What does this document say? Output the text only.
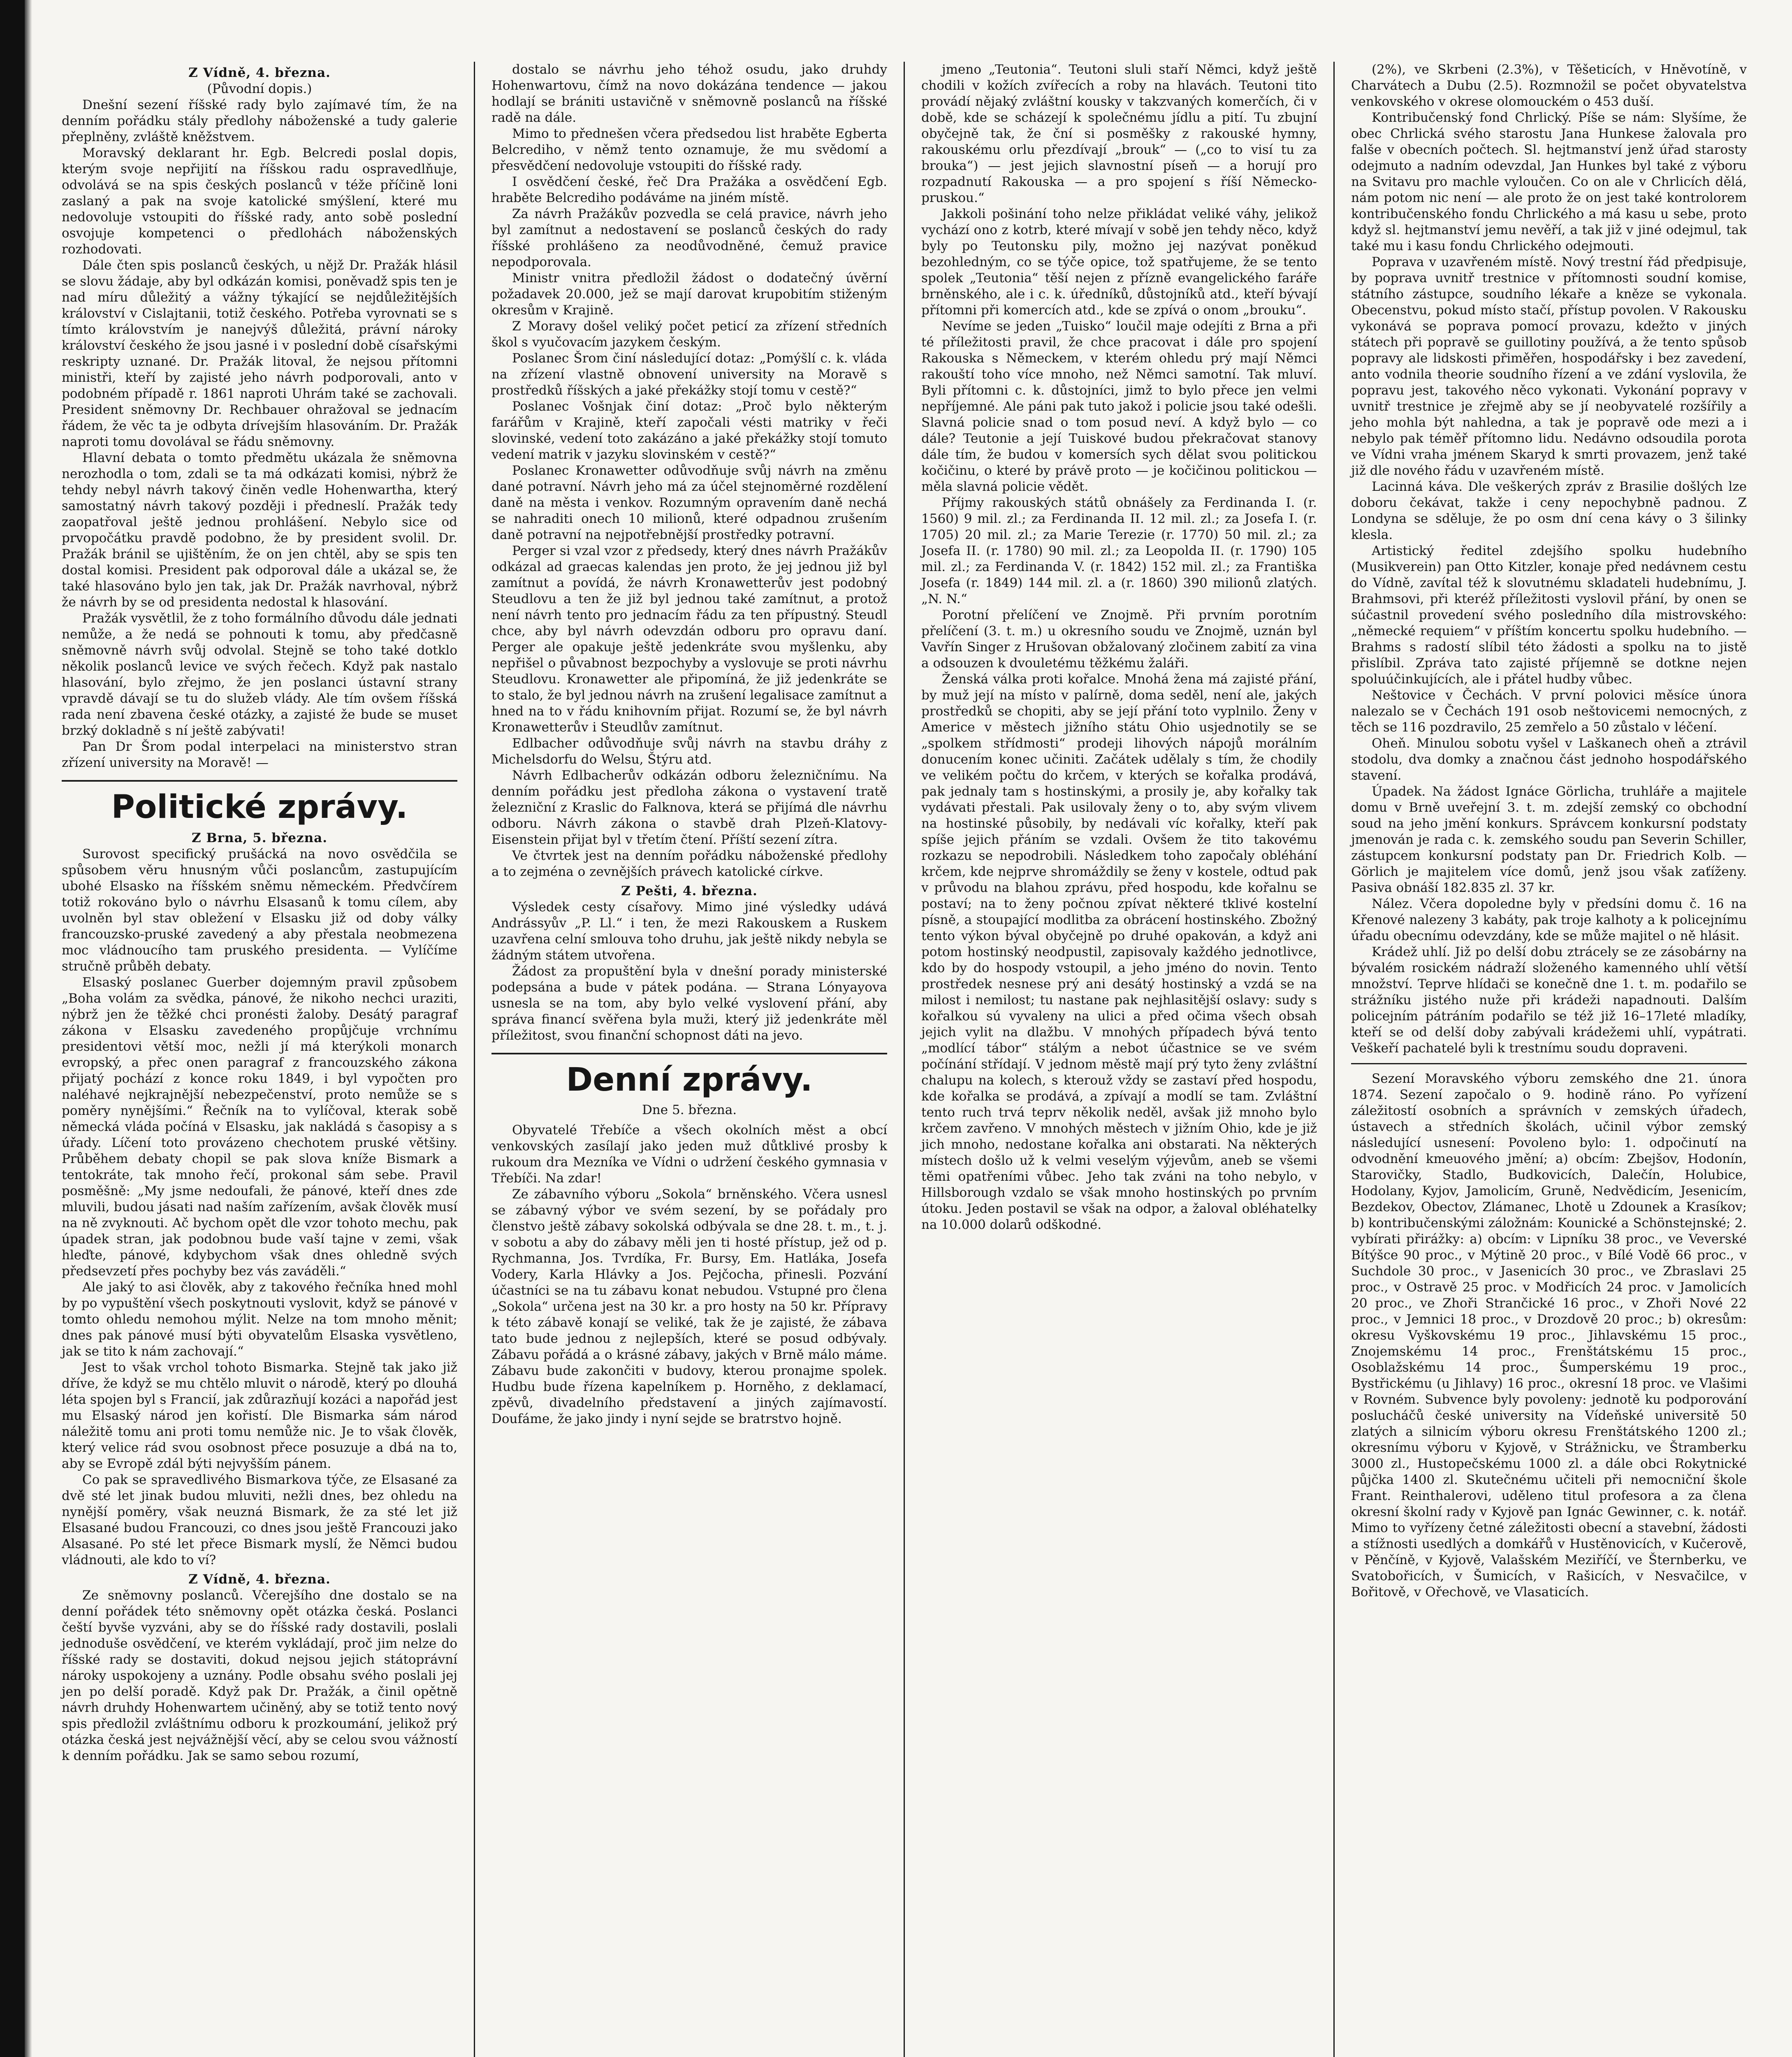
Z Vídně, 4. března.

(Původní dopis.)

Dnešní sezení říšské rady bylo zajímavé tím, že na denním pořádku stály předlohy náboženské a tudy galerie přeplněny, zvláště kněžstvem.

Moravský deklarant hr. Egb. Belcredi poslal dopis, kterým svoje nepřijití na říšskou radu ospravedlňuje, odvolává se na spis českých poslanců v téže příčině loni zaslaný a pak na svoje katolické smýšlení, které mu nedovoluje vstoupiti do říšské rady, anto sobě poslední osvojuje kompetenci o předlohách náboženských rozhodovati.

Dále čten spis poslanců českých, u nějž Dr. Pražák hlásil se slovu žádaje, aby byl odkázán komisi, poněvadž spis ten je nad míru důležitý a vážny týkající se nejdůležitějších království v Cislajtanii, totiž českého. Potřeba vyrovnati se s tímto královstvím je nanejvýš důležitá, právní nároky království českého že jsou jasné i v poslední době císařskými reskripty uznané. Dr. Pražák litoval, že nejsou přítomni ministři, kteří by zajisté jeho návrh podporovali, anto v podobném případě r. 1861 naproti Uhrám také se zachovali. President sněmovny Dr. Rechbauer ohražoval se jednacím řádem, že věc ta je odbyta drívejším hlasováním. Dr. Pražák naproti tomu dovolával se řádu sněmovny.

Hlavní debata o tomto předmětu ukázala že sněmovna nerozhodla o tom, zdali se ta má odkázati komisi, nýbrž že tehdy nebyl návrh takový činěn vedle Hohenwartha, který samostatný návrh takový později i předneslí. Pražák tedy zaopatřoval ještě jednou prohlášení. Nebylo sice od prvopočátku pravdě podobno, že by president svolil. Dr. Pražák bránil se ujištěním, že on jen chtěl, aby se spis ten dostal komisi. President pak odporoval dále a ukázal se, že také hlasováno bylo jen tak, jak Dr. Pražák navrhoval, nýbrž že návrh by se od presidenta nedostal k hlasování.

Pražák vysvětlil, že z toho formálního důvodu dále jednati nemůže, a že nedá se pohnouti k tomu, aby předčasně sněmovně návrh svůj odvolal. Stejně se toho také dotklo několik poslanců levice ve svých řečech. Když pak nastalo hlasování, bylo zřejmo, že jen poslanci ústavní strany vpravdě dávají se tu do služeb vlády. Ale tím ovšem říšská rada není zbavena české otázky, a zajisté že bude se muset brzký dokladně s ní ještě zabývati!

Pan Dr Šrom podal interpelaci na ministerstvo stran zřízení university na Moravě! —

Politické zprávy.

Z Brna, 5. března.

Surovost specifický prušácká na novo osvědčila se spůsobem věru hnusným vůči poslancům, zastupujícím ubohé Elsasko na říšském sněmu německém. Předvčírem totiž rokováno bylo o návrhu Elsasanů k tomu cílem, aby uvolněn byl stav obležení v Elsasku již od doby války francouzsko-pruské zavedený a aby přestala neobmezena moc vládnoucího tam pruského presidenta. — Vylíčíme stručně průběh debaty.

Elsaský poslanec Guerber dojemným pravil způsobem „Boha volám za svědka, pánové, že nikoho nechci uraziti, nýbrž jen že těžké chci pronésti žaloby. Desátý paragraf zákona v Elsasku zavedeného propůjčuje vrchnímu presidentovi větší moc, nežli jí má kterýkoli monarch evropský, a přec onen paragraf z francouzského zákona přijatý pochází z konce roku 1849, i byl vypočten pro naléhavé nejkrajnější nebezpečenství, proto nemůže se s poměry nynějšími.“ Řečník na to vylíčoval, kterak sobě německá vláda počíná v Elsasku, jak nakládá s časopisy a s úřady. Líčení toto provázeno chechotem pruské většiny. Průběhem debaty chopil se pak slova kníže Bismark a tentokráte, tak mnoho řečí, prokonal sám sebe. Pravil posměšně: „My jsme nedoufali, že pánové, kteří dnes zde mluvili, budou jásati nad naším zařízením, avšak člověk musí na ně zvyknouti. Ač bychom opět dle vzor tohoto mechu, pak úpadek stran, jak podobnou bude vaší tajne v zemi, však hleďte, pánové, kdybychom však dnes ohledně svých předsevzetí přes pochyby bez vás zaváděli.“

Ale jaký to asi člověk, aby z takového řečníka hned mohl by po vypuštění všech poskytnouti vyslovit, když se pánové v tomto ohledu nemohou mýlit. Nelze na tom mnoho měnit; dnes pak pánové musí býti obyvatelům Elsaska vysvětleno, jak se tito k nám zachovají.“

Jest to však vrchol tohoto Bismarka. Stejně tak jako již dříve, že když se mu chtělo mluvit o národě, který po dlouhá léta spojen byl s Francií, jak zdůrazňují kozáci a napořád jest mu Elsaský národ jen kořistí. Dle Bismarka sám národ náležitě tomu ani proti tomu nemůže nic. Je to však člověk, který velice rád svou osobnost přece posuzuje a dbá na to, aby se Evropě zdál býti nejvyšším pánem.

Co pak se spravedlivého Bismarkova týče, ze Elsasané za dvě sté let jinak budou mluviti, nežli dnes, bez ohledu na nynější poměry, však neuzná Bismark, že za sté let již Elsasané budou Francouzi, co dnes jsou ještě Francouzi jako Alsasané. Po sté let přece Bismark myslí, že Němci budou vládnouti, ale kdo to ví?

Z Vídně, 4. března.

Ze sněmovny poslanců. Včerejšího dne dostalo se na denní pořádek této sněmovny opět otázka česká. Poslanci čeští byvše vyzváni, aby se do říšské rady dostavili, poslali jednoduše osvědčení, ve kterém vykládají, proč jim nelze do říšské rady se dostaviti, dokud nejsou jejich státoprávní nároky uspokojeny a uznány. Podle obsahu svého poslali jej jen po delší poradě. Když pak Dr. Pražák, a činil opětně návrh druhdy Hohenwartem učiněný, aby se totiž tento nový spis předložil zvláštnímu odboru k prozkoumání, jelikož prý otázka česká jest nejvážnější věcí, aby se celou svou vážností k denním pořádku. Jak se samo sebou rozumí,

dostalo se návrhu jeho téhož osudu, jako druhdy Hohenwartovu, čímž na novo dokázána tendence — jakou hodlají se brániti ustavičně v sněmovně poslanců na říšské radě na dále.

Mimo to přednešen včera předsedou list hraběte Egberta Belcrediho, v němž tento oznamuje, že mu svědomí a přesvědčení nedovoluje vstoupiti do říšské rady.

I osvědčení české, řeč Dra Pražáka a osvědčení Egb. hraběte Belcrediho podáváme na jiném místě.

Za návrh Pražákův pozvedla se celá pravice, návrh jeho byl zamítnut a nedostavení se poslanců českých do rady říšské prohlášeno za neodůvodněné, čemuž pravice nepodporovala.

Ministr vnitra předložil žádost o dodatečný úvěrní požadavek 20.000, jež se mají darovat krupobitím stiženým okresům v Krajině.

Z Moravy došel veliký počet peticí za zřízení středních škol s vyučovacím jazykem českým.

Poslanec Šrom činí následující dotaz: „Pomýšlí c. k. vláda na zřízení vlastně obnovení university na Moravě s prostředků říšských a jaké překážky stojí tomu v cestě?“

Poslanec Vošnjak činí dotaz: „Proč bylo některým farářům v Krajině, kteří započali vésti matriky v řeči slovinské, vedení toto zakázáno a jaké překážky stojí tomuto vedení matrik v jazyku slovinském v cestě?“

Poslanec Kronawetter odůvodňuje svůj návrh na změnu dané potravní. Návrh jeho má za účel stejnoměrné rozdělení daně na města i venkov. Rozumným opravením daně nechá se nahraditi onech 10 milionů, které odpadnou zrušením daně potravní na nejpotřebnější prostředky potravní.

Perger si vzal vzor z předsedy, který dnes návrh Pražákův odkázal ad graecas kalendas jen proto, že jej jednou již byl zamítnut a povídá, že návrh Kronawetterův jest podobný Steudlovu a ten že již byl jednou také zamítnut, a protož není návrh tento pro jednacím řádu za ten přípustný. Steudl chce, aby byl návrh odevzdán odboru pro opravu daní. Perger ale opakuje ještě jedenkráte svou myšlenku, aby nepřišel o půvabnost bezpochyby a vyslovuje se proti návrhu Steudlovu. Kronawetter ale připomíná, že již jedenkráte se to stalo, že byl jednou návrh na zrušení legalisace zamítnut a hned na to v řádu knihovním přijat. Rozumí se, že byl návrh Kronawetterův i Steudlův zamítnut.

Edlbacher odůvodňuje svůj návrh na stavbu dráhy z Michelsdorfu do Welsu, Štýru atd.

Návrh Edlbacherův odkázán odboru železničnímu. Na denním pořádku jest předloha zákona o vystavení tratě železniční z Kraslic do Falknova, která se přijímá dle návrhu odboru. Návrh zákona o stavbě drah Plzeň-Klatovy-Eisenstein přijat byl v třetím čtení. Příští sezení zítra.

Ve čtvrtek jest na denním pořádku náboženské předlohy a to zejména o zevnějších právech katolické církve.

Z Pešti, 4. března.

Výsledek cesty císařovy. Mimo jiné výsledky udává Andrássyův „P. Ll.“ i ten, že mezi Rakouskem a Ruskem uzavřena celní smlouva toho druhu, jak ještě nikdy nebyla se žádným státem utvořena.

Žádost za propuštění byla v dnešní porady ministerské podepsána a bude v pátek podána. — Strana Lónyayova usnesla se na tom, aby bylo velké vyslovení přání, aby správa financí svěřena byla muži, který již jedenkráte měl příležitost, svou finanční schopnost dáti na jevo.

Denní zprávy.

Dne 5. března.

Obyvatelé Třebíče a všech okolních měst a obcí venkovských zasílají jako jeden muž důtklivé prosby k rukoum dra Mezníka ve Vídni o udržení českého gymnasia v Třebíči. Na zdar!

Ze zábavního výboru „Sokola“ brněnského. Včera usnesl se zábavný výbor ve svém sezení, by se pořádaly pro členstvo ještě zábavy sokolská odbývala se dne 28. t. m., t. j. v sobotu a aby do zábavy měli jen ti hosté přístup, jež od p. Rychmanna, Jos. Tvrdíka, Fr. Bursy, Em. Hatláka, Josefa Vodery, Karla Hlávky a Jos. Pejčocha, přinesli. Pozvání účastníci se na tu zábavu konat nebudou. Vstupné pro člena „Sokola“ určena jest na 30 kr. a pro hosty na 50 kr. Přípravy k této zábavě konají se veliké, tak že je zajisté, že zábava tato bude jednou z nejlepších, které se posud odbývaly. Zábavu pořádá a o krásné zábavy, jakých v Brně málo máme. Zábavu bude zakončiti v budovy, kterou pronajme spolek. Hudbu bude řízena kapelníkem p. Horněho, z deklamací, zpěvů, divadelního představení a jiných zajímavostí. Doufáme, že jako jindy i nyní sejde se bratrstvo hojně.

jmeno „Teutonia“. Teutoni sluli staří Němci, když ještě chodili v kožích zvířecích a roby na hlavách. Teutoni tito provádí nějaký zvláštní kousky v takzvaných komerčích, či v době, kde se scházejí k společnému jídlu a pití. Tu zbujní obyčejně tak, že ční si posměšky z rakouské hymny, rakouskému orlu přezdívají „brouk“ — („co to visí tu za brouka“) — jest jejich slavnostní píseň — a horují pro rozpadnutí Rakouska — a pro spojení s říší Německo-pruskou.“

Jakkoli pošinání toho nelze přikládat veliké váhy, jelikož vychází ono z kotrb, které mívají v sobě jen tehdy něco, když byly po Teutonsku pily, možno jej nazývat poněkud bezohledným, co se týče opice, tož spatřujeme, že se tento spolek „Teutonia“ těší nejen z přízně evangelického faráře brněnského, ale i c. k. úředníků, důstojníků atd., kteří bývají přítomni při komercích atd., kde se zpívá o onom „brouku“.

Nevíme se jeden „Tuisko“ loučil maje odejíti z Brna a při té příležitosti pravil, že chce pracovat i dále pro spojení Rakouska s Německem, v kterém ohledu prý mají Němci rakouští toho více mnoho, než Němci samotní. Tak mluví. Byli přítomni c. k. důstojníci, jimž to bylo přece jen velmi nepříjemné. Ale páni pak tuto jakož i policie jsou také odešli. Slavná policie snad o tom posud neví. A když bylo — co dále? Teutonie a její Tuiskové budou překračovat stanovy dále tím, že budou v komersích sych dělat svou politickou kočičinu, o které by právě proto — je kočičinou politickou — měla slavná policie vědět.

Příjmy rakouských států obnášely za Ferdinanda I. (r. 1560) 9 mil. zl.; za Ferdinanda II. 12 mil. zl.; za Josefa I. (r. 1705) 20 mil. zl.; za Marie Terezie (r. 1770) 50 mil. zl.; za Josefa II. (r. 1780) 90 mil. zl.; za Leopolda II. (r. 1790) 105 mil. zl.; za Ferdinanda V. (r. 1842) 152 mil. zl.; za Františka Josefa (r. 1849) 144 mil. zl. a (r. 1860) 390 milionů zlatých. „N. N.“

Porotní přelíčení ve Znojmě. Při prvním porotním přelíčení (3. t. m.) u okresního soudu ve Znojmě, uznán byl Vavřín Singer z Hrušovan obžalovaný zločinem zabití za vina a odsouzen k dvouletému těžkému žaláři.

Ženská válka proti kořalce. Mnohá žena má zajisté přání, by muž její na místo v palírně, doma seděl, není ale, jakých prostředků se chopiti, aby se její přání toto vyplnilo. Ženy v Americe v městech jižního státu Ohio usjednotily se se „spolkem střídmosti“ prodeji lihových nápojů morálním donucením konec učiniti. Začátek udělaly s tím, že chodily ve velikém počtu do krčem, v kterých se kořalka prodává, pak jednaly tam s hostinskými, a prosily je, aby kořalky tak vydávati přestali. Pak usilovaly ženy o to, aby svým vlivem na hostinské působily, by nedávali víc kořalky, kteří pak spíše jejich přáním se vzdali. Ovšem že tito takovému rozkazu se nepodrobili. Následkem toho započaly obléhání krčem, kde nejprve shromáždily se ženy v kostele, odtud pak v průvodu na blahou zprávu, před hospodu, kde kořalnu se postaví; na to ženy počnou zpívat některé tklivé kostelní písně, a stoupající modlitba za obrácení hostinského. Zbožný tento výkon býval obyčejně po druhé opakován, a když ani potom hostinský neodpustil, zapisovaly každého jednotlivce, kdo by do hospody vstoupil, a jeho jméno do novin. Tento prostředek nesnese prý ani desátý hostinský a vzdá se na milost i nemilost; tu nastane pak nejhlasitější oslavy: sudy s kořalkou sú vyvaleny na ulici a před očima všech obsah jejich vylit na dlažbu. V mnohých případech bývá tento „modlící tábor“ stálým a nebot účastnice se ve svém počínání střídají. V jednom městě mají prý tyto ženy zvláštní chalupu na kolech, s kterouž vždy se zastaví před hospodu, kde kořalka se prodává, a zpívají a modlí se tam. Zvláštní tento ruch trvá teprv několik neděl, avšak již mnoho bylo krčem zavřeno. V mnohých městech v jižním Ohio, kde je již jich mnoho, nedostane kořalka ani obstarati. Na některých místech došlo už k velmi veselým výjevům, aneb se všemi těmi opatřeními vůbec. Jeho tak zváni na toho nebylo, v Hillsborough vzdalo se však mnoho hostinských po prvním útoku. Jeden postavil se však na odpor, a žaloval obléhatelky na 10.000 dolarů odškodné.

(2%), ve Skrbeni (2.3%), v Těšeticích, v Hněvotíně, v Charvátech a Dubu (2.5). Rozmnožil se počet obyvatelstva venkovského v okrese olomouckém o 453 duší.

Kontribučenský fond Chrlický. Píše se nám: Slyšíme, že obec Chrlická svého starostu Jana Hunkese žalovala pro falše v obecních počtech. Sl. hejtmanství jenž úřad starosty odejmuto a nadním odevzdal, Jan Hunkes byl také z výboru na Svitavu pro machle vyloučen. Co on ale v Chrlicích dělá, nám potom nic není — ale proto že on jest také kontrolorem kontribučenského fondu Chrlického a má kasu u sebe, proto když sl. hejtmanství jemu nevěří, a tak již v jiné odejmul, tak také mu i kasu fondu Chrlického odejmouti.

Poprava v uzavřeném místě. Nový trestní řád předpisuje, by poprava uvnitř trestnice v přítomnosti soudní komise, státního zástupce, soudního lékaře a kněze se vykonala. Obecenstvu, pokud místo stačí, přístup povolen. V Rakousku vykonává se poprava pomocí provazu, kdežto v jiných státech při popravě se guillotiny používá, a že tento spůsob popravy ale lidskosti přiměřen, hospodářsky i bez zavedení, anto vodnila theorie soudního řízení a ve zdání vyslovila, že popravu jest, takového něco vykonati. Vykonání popravy v uvnitř trestnice je zřejmě aby se jí neobyvatelé rozšířily a jeho mohla být nahledna, a tak je popravě ode mezi a i nebylo pak téměř přítomno lidu. Nedávno odsoudila porota ve Vídni vraha jménem Skaryd k smrti provazem, jenž také již dle nového řádu v uzavřeném místě.

Lacinná káva. Dle veškerých zpráv z Brasilie došlých lze doboru čekávat, takže i ceny nepochybně padnou. Z Londyna se sděluje, že po osm dní cena kávy o 3 šilinky klesla.

Artistický ředitel zdejšího spolku hudebního (Musikverein) pan Otto Kitzler, konaje před nedávnem cestu do Vídně, zavítal též k slovutnému skladateli hudebnímu, J. Brahmsovi, při kteréž příležitosti vyslovil přání, by onen se súčastnil provedení svého posledního díla mistrovského: „německé requiem“ v příštím koncertu spolku hudebního. — Brahms s radostí slíbil této žádosti a spolku na to jistě přislíbil. Zpráva tato zajisté příjemně se dotkne nejen spoluúčinkujících, ale i přátel hudby vůbec.

Neštovice v Čechách. V první polovici měsíce února nalezalo se v Čechách 191 osob neštovicemi nemocných, z těch se 116 pozdravilo, 25 zemřelo a 50 zůstalo v léčení.

Oheň. Minulou sobotu vyšel v Laškanech oheň a ztrávil stodolu, dva domky a značnou část jednoho hospodářského stavení.

Úpadek. Na žádost Ignáce Görlicha, truhláře a majitele domu v Brně uveřejní 3. t. m. zdejší zemský co obchodní soud na jeho jmění konkurs. Správcem konkursní podstaty jmenován je rada c. k. zemského soudu pan Severin Schiller, zástupcem konkursní podstaty pan Dr. Friedrich Kolb. — Görlich je majitelem více domů, jenž jsou však zaťíženy. Pasiva obnáší 182.835 zl. 37 kr.

Nález. Včera dopoledne byly v předsíni domu č. 16 na Křenové nalezeny 3 kabáty, pak troje kalhoty a k policejnímu úřadu obecnímu odevzdány, kde se může majitel o ně hlásit.

Krádež uhlí. Již po delší dobu ztrácely se ze zásobárny na bývalém rosickém nádraží složeného kamenného uhlí větší množství. Teprve hlídači se konečně dne 1. t. m. podařilo se strážníku jistého nuže při krádeži napadnouti. Dalším policejním pátráním podařilo se též již 16–17leté mladíky, kteří se od delší doby zabývali krádežemi uhlí, vypátrati. Veškeří pachatelé byli k trestnímu soudu dopraveni.

Sezení Moravského výboru zemského dne 21. února 1874. Sezení započalo o 9. hodině ráno. Po vyřízení záležitostí osobních a správních v zemských úřadech, ústavech a středních školách, učinil výbor zemský následující usnesení: Povoleno bylo: 1. odpočinutí na odvodnění kmeuového jmění; a) obcím: Zbejšov, Hodonín, Starovičky, Stadlo, Budkovicích, Dalečín, Holubice, Hodolany, Kyjov, Jamolicím, Gruně, Nedvědicím, Jesenicím, Bezdekov, Obectov, Zlámanec, Lhotě u Zdounek a Krasíkov; b) kontribučenskými záložnám: Kounické a Schönstejnské; 2. vybírati přirážky: a) obcím: v Lipníku 38 proc., ve Veverské Bítýšce 90 proc., v Mýtině 20 proc., v Bílé Vodě 66 proc., v Suchdole 30 proc., v Jasenicích 30 proc., ve Zbraslavi 25 proc., v Ostravě 25 proc. v Modřicích 24 proc. v Jamolicích 20 proc., ve Zhoři Strančické 16 proc., v Zhoři Nové 22 proc., v Jemnici 18 proc., v Drozdově 20 proc.; b) okresům: okresu Vyškovskému 19 proc., Jihlavskému 15 proc., Znojemskému 14 proc., Frenštátskému 15 proc., Osoblažskému 14 proc., Šumperskému 19 proc., Bystřickému (u Jihlavy) 16 proc., okresní 18 proc. ve Vlašimi v Rovném. Subvence byly povoleny: jednotě ku podporování poslucháčů české university na Vídeňské universitě 50 zlatých a silnicím výboru okresu Frenštátského 1200 zl.; okresnímu výboru v Kyjově, v Strážnicku, ve Štramberku 3000 zl., Hustopečskému 1000 zl. a dále obci Rokytnické půjčka 1400 zl. Skutečnému učiteli při nemocniční škole Frant. Reinthalerovi, uděleno titul profesora a za člena okresní školní rady v Kyjově pan Ignác Gewinner, c. k. notář. Mimo to vyřízeny četné záležitosti obecní a stavební, žádosti a stížnosti usedlých a domkářů v Hustěnovicích, v Kučerově, v Pěnčíně, v Kyjově, Valašském Meziříčí, ve Šternberku, ve Svatobořicích, v Šumicích, v Rašicích, v Nesvačilce, v Bořitově, v Ořechově, ve Vlasaticích.
